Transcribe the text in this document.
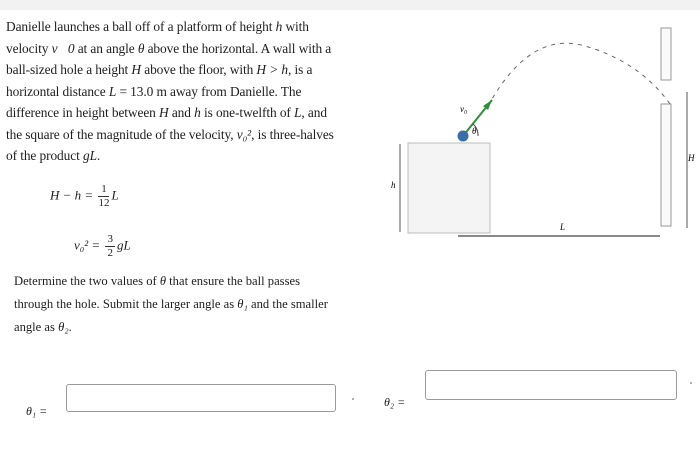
Danielle launches a ball off of a platform of height h with

velocity v⃗0 at an angle θ above the horizontal. A wall with a

ball-sized hole a height H above the floor, with H > h, is a

horizontal distance L = 13.0 m away from Danielle. The

difference in height between H and h is one-twelfth of L, and

the square of the magnitude of the velocity, v₀², is three-halves

of the product gL.

$H - h = \frac{1}{12}$ L
$v_0^2 = \frac{3}{2}$ gL
Determine the two values of θ that ensure the ball passes
through the hole. Submit the larger angle as θ₁ and the smaller
angle as θ₂.
θ₁ =
θ₂ =
h
L
H
v₀
θ
